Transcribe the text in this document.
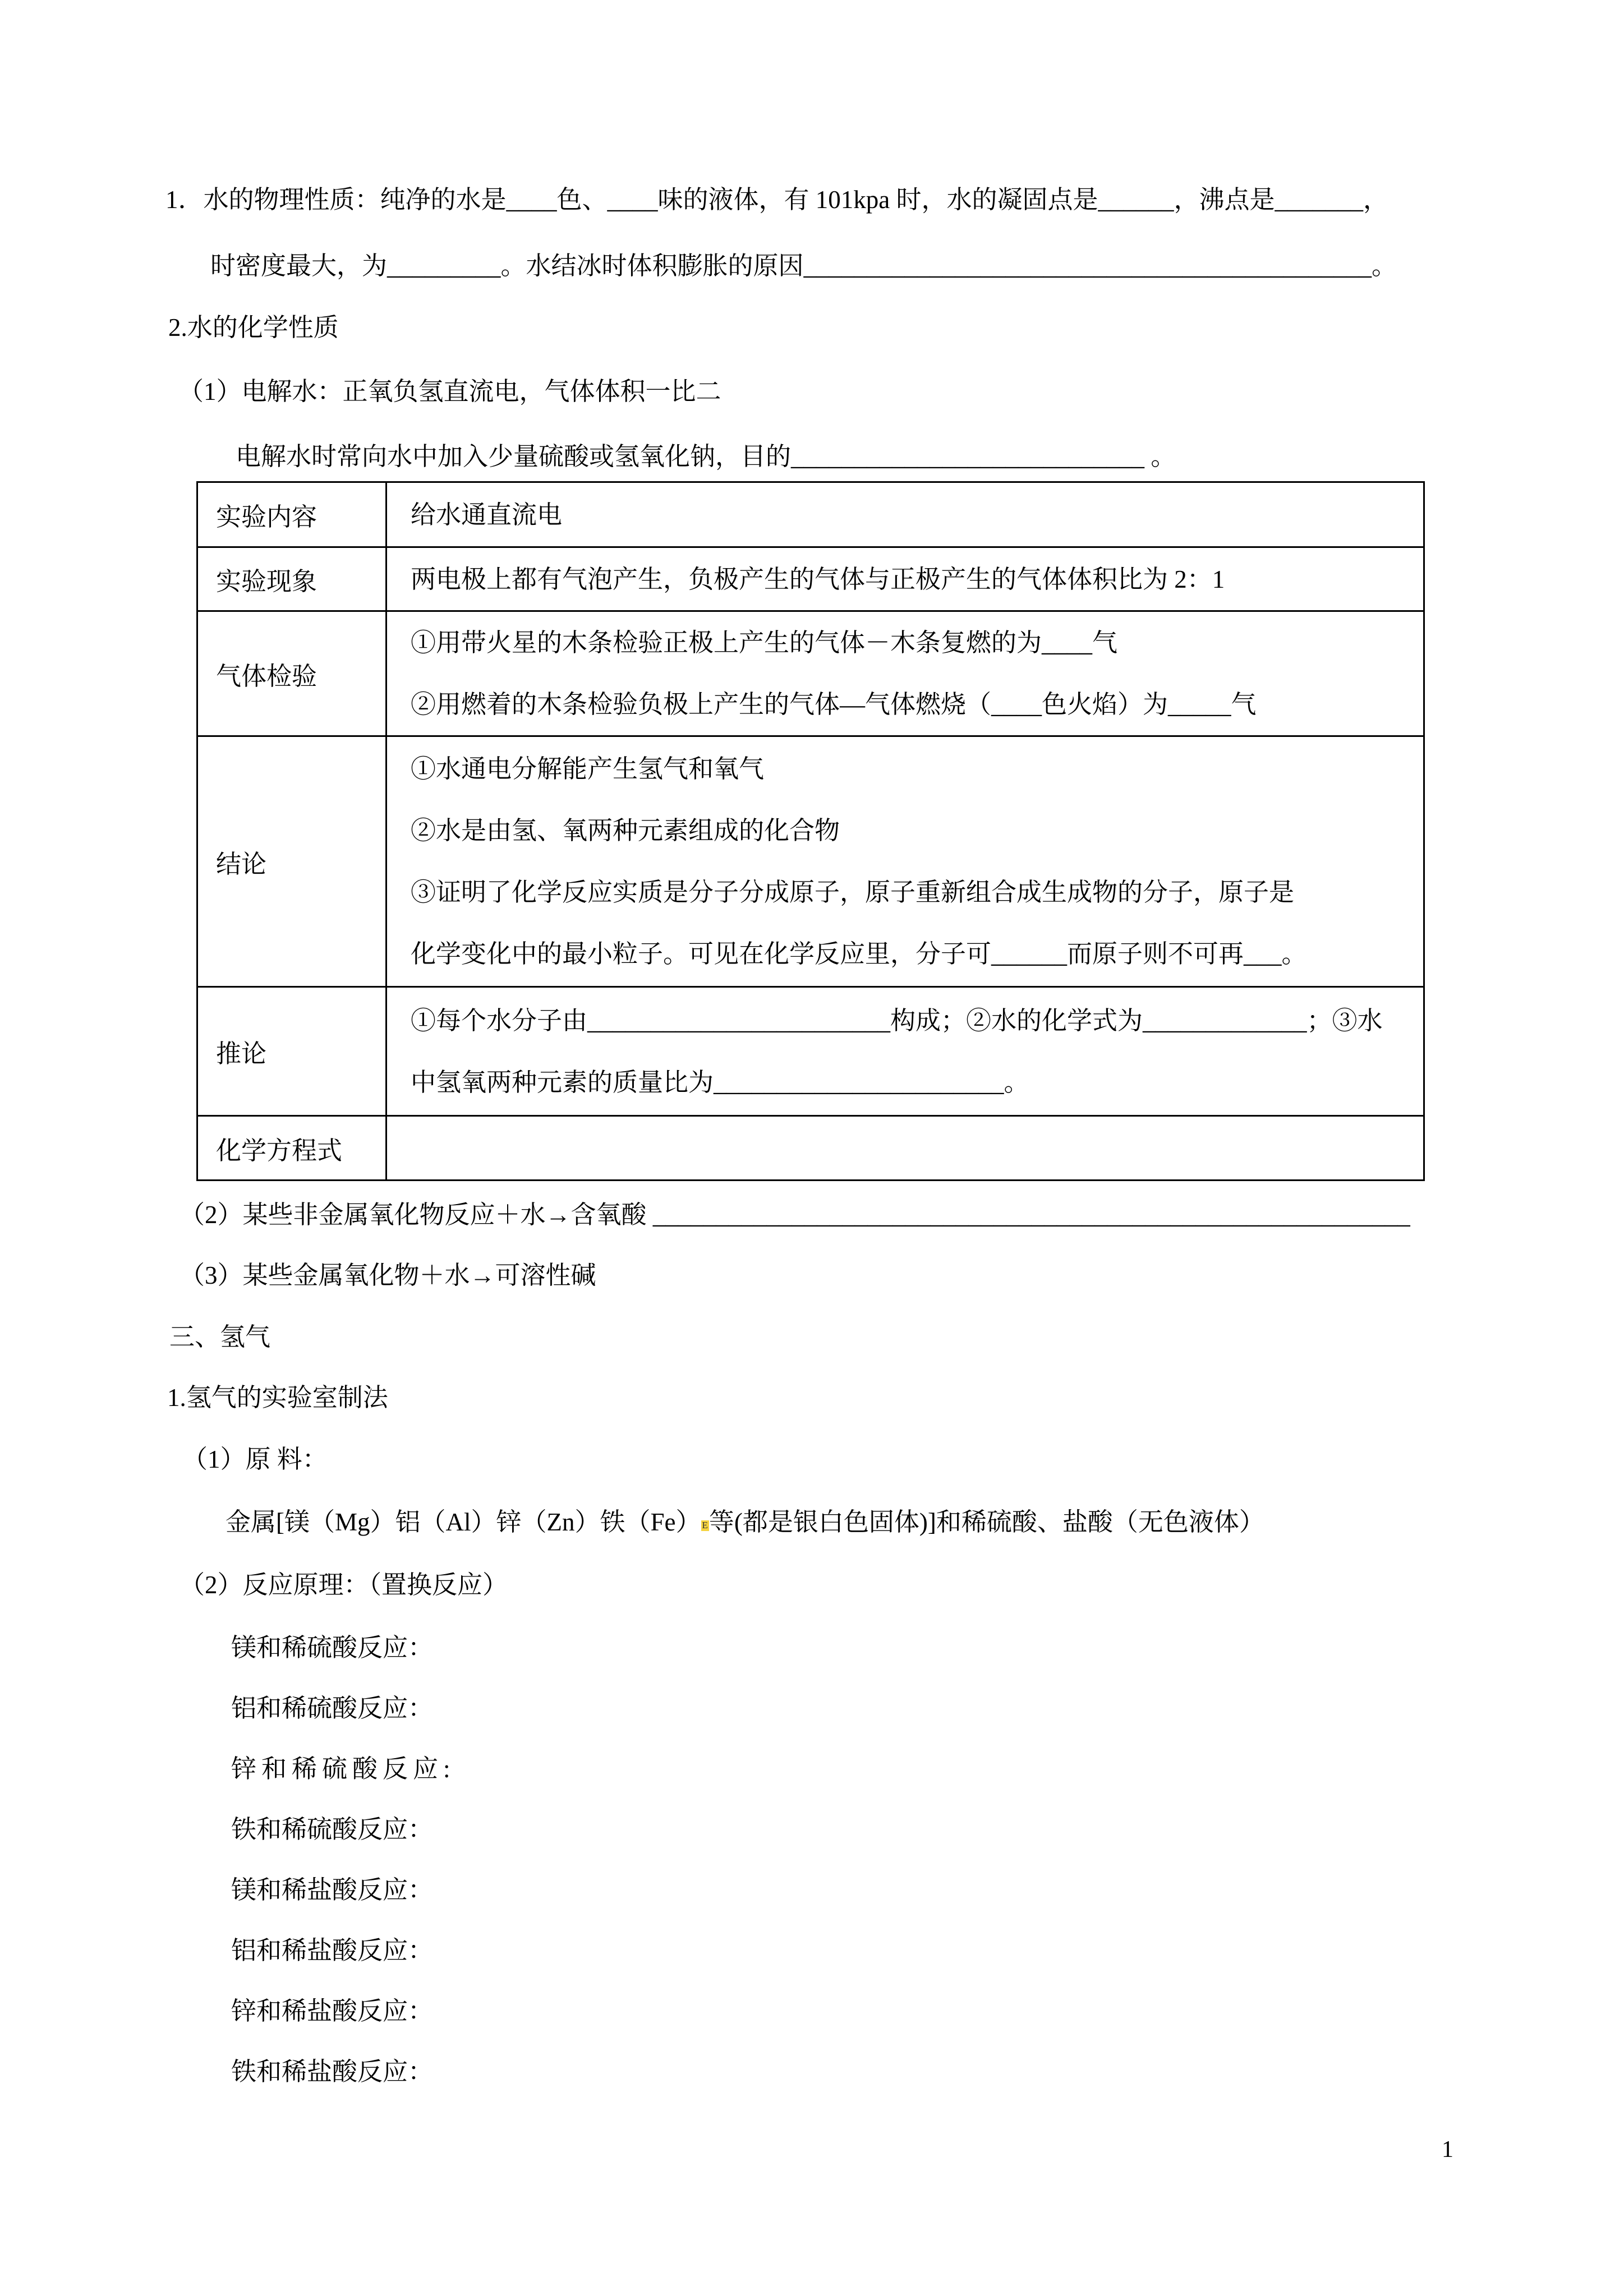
1．水的物理性质：纯净的水是____色、____味的液体，有 101kpa 时，水的凝固点是______，沸点是_______，
时密度最大，为_________。水结冰时体积膨胀的原因_____________________________________________。
2.水的化学性质
（1）电解水：正氧负氢直流电，气体体积一比二
电解水时常向水中加入少量硫酸或氢氧化钠，目的____________________________ 。
实验内容	给水通直流电

实验现象	两电极上都有气泡产生，负极产生的气体与正极产生的气体体积比为 2：1

气体检验	①用带火星的木条检验正极上产生的气体－木条复燃的为____气
②用燃着的木条检验负极上产生的气体—气体燃烧（____色火焰）为_____气

结论	①水通电分解能产生氢气和氧气
②水是由氢、氧两种元素组成的化合物
③证明了化学反应实质是分子分成原子，原子重新组合成生成物的分子，原子是
化学变化中的最小粒子。可见在化学反应里，分子可______而原子则不可再___。

推论	①每个水分子由________________________构成；②水的化学式为_____________；③水
中氢氧两种元素的质量比为_______________________。

化学方程式	
（2）某些非金属氧化物反应＋水→含氧酸 ____________________________________________________________
（3）某些金属氧化物＋水→可溶性碱
三、氢气
1.氢气的实验室制法
（1）原 料：
金属[镁（Mg）铝（Al）锌（Zn）铁（Fe） E等(都是银白色固体)]和稀硫酸、盐酸（无色液体）
（2）反应原理：（置换反应）
镁和稀硫酸反应：
铝和稀硫酸反应：
锌和稀硫酸反应:
铁和稀硫酸反应：
镁和稀盐酸反应：
铝和稀盐酸反应：
锌和稀盐酸反应：
铁和稀盐酸反应：
1
